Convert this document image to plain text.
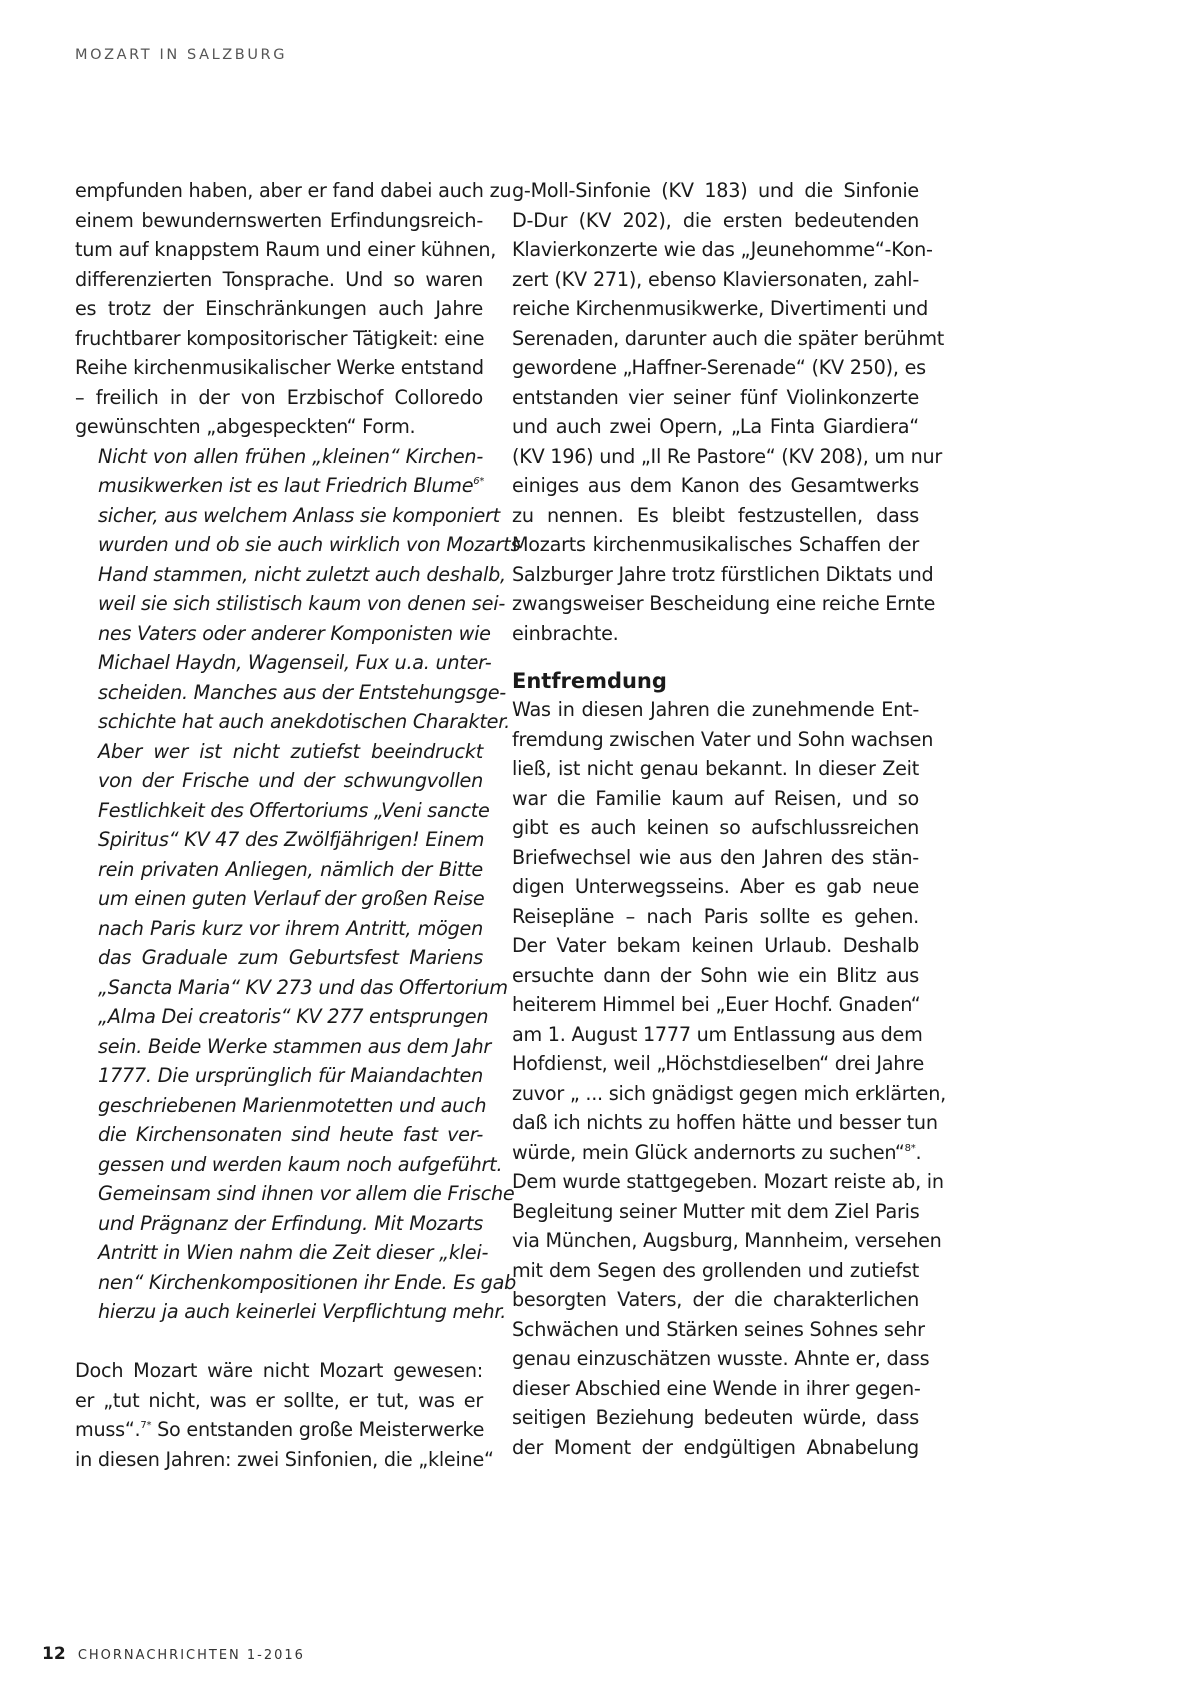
MOZART IN SALZBURG
empfunden haben, aber er fand dabei auch zu
einem bewundernswerten Erfindungsreich-
tum auf knappstem Raum und einer kühnen,
differenzierten Tonsprache. Und so waren
es trotz der Einschränkungen auch Jahre
fruchtbarer kompositorischer Tätigkeit: eine
Reihe kirchenmusikalischer Werke entstand
– freilich in der von Erzbischof Colloredo
gewünschten „abgespeckten“ Form.
Nicht von allen frühen „kleinen“ Kirchen-
musikwerken ist es laut Friedrich Blume$^{6*}$
sicher, aus welchem Anlass sie komponiert
wurden und ob sie auch wirklich von Mozarts
Hand stammen, nicht zuletzt auch deshalb,
weil sie sich stilistisch kaum von denen sei-
nes Vaters oder anderer Komponisten wie
Michael Haydn, Wagenseil, Fux u.a. unter-
scheiden. Manches aus der Entstehungsge-
schichte hat auch anekdotischen Charakter.
Aber wer ist nicht zutiefst beeindruckt
von der Frische und der schwungvollen
Festlichkeit des Offertoriums „Veni sancte
Spiritus“ KV 47 des Zwölfjährigen! Einem
rein privaten Anliegen, nämlich der Bitte
um einen guten Verlauf der großen Reise
nach Paris kurz vor ihrem Antritt, mögen
das Graduale zum Geburtsfest Mariens
„Sancta Maria“ KV 273 und das Offertorium
„Alma Dei creatoris“ KV 277 entsprungen
sein. Beide Werke stammen aus dem Jahr
1777. Die ursprünglich für Maiandachten
geschriebenen Marienmotetten und auch
die Kirchensonaten sind heute fast ver-
gessen und werden kaum noch aufgeführt.
Gemeinsam sind ihnen vor allem die Frische
und Prägnanz der Erfindung. Mit Mozarts
Antritt in Wien nahm die Zeit dieser „klei-
nen“ Kirchenkompositionen ihr Ende. Es gab
hierzu ja auch keinerlei Verpflichtung mehr.
Doch Mozart wäre nicht Mozart gewesen:
er „tut nicht, was er sollte, er tut, was er
muss“.$^{7*}$ So entstanden große Meisterwerke
in diesen Jahren: zwei Sinfonien, die „kleine“
g-Moll-Sinfonie (KV 183) und die Sinfonie
D-Dur (KV 202), die ersten bedeutenden
Klavierkonzerte wie das „Jeunehomme“-Kon-
zert (KV 271), ebenso Klaviersonaten, zahl-
reiche Kirchenmusikwerke, Divertimenti und
Serenaden, darunter auch die später berühmt
gewordene „Haffner-Serenade“ (KV 250), es
entstanden vier seiner fünf Violinkonzerte
und auch zwei Opern, „La Finta Giardiera“
(KV 196) und „Il Re Pastore“ (KV 208), um nur
einiges aus dem Kanon des Gesamtwerks
zu nennen. Es bleibt festzustellen, dass
Mozarts kirchenmusikalisches Schaffen der
Salzburger Jahre trotz fürstlichen Diktats und
zwangsweiser Bescheidung eine reiche Ernte
einbrachte.
Entfremdung
Was in diesen Jahren die zunehmende Ent-
fremdung zwischen Vater und Sohn wachsen
ließ, ist nicht genau bekannt. In dieser Zeit
war die Familie kaum auf Reisen, und so
gibt es auch keinen so aufschlussreichen
Briefwechsel wie aus den Jahren des stän-
digen Unterwegsseins. Aber es gab neue
Reisepläne – nach Paris sollte es gehen.
Der Vater bekam keinen Urlaub. Deshalb
ersuchte dann der Sohn wie ein Blitz aus
heiterem Himmel bei „Euer Hochf. Gnaden“
am 1. August 1777 um Entlassung aus dem
Hofdienst, weil „Höchstdieselben“ drei Jahre
zuvor „ ... sich gnädigst gegen mich erklärten,
daß ich nichts zu hoffen hätte und besser tun
würde, mein Glück andernorts zu suchen“$^{8*}$.
Dem wurde stattgegeben. Mozart reiste ab, in
Begleitung seiner Mutter mit dem Ziel Paris
via München, Augsburg, Mannheim, versehen
mit dem Segen des grollenden und zutiefst
besorgten Vaters, der die charakterlichen
Schwächen und Stärken seines Sohnes sehr
genau einzuschätzen wusste. Ahnte er, dass
dieser Abschied eine Wende in ihrer gegen-
seitigen Beziehung bedeuten würde, dass
der Moment der endgültigen Abnabelung
12 CHORNACHRICHTEN 1-2016
